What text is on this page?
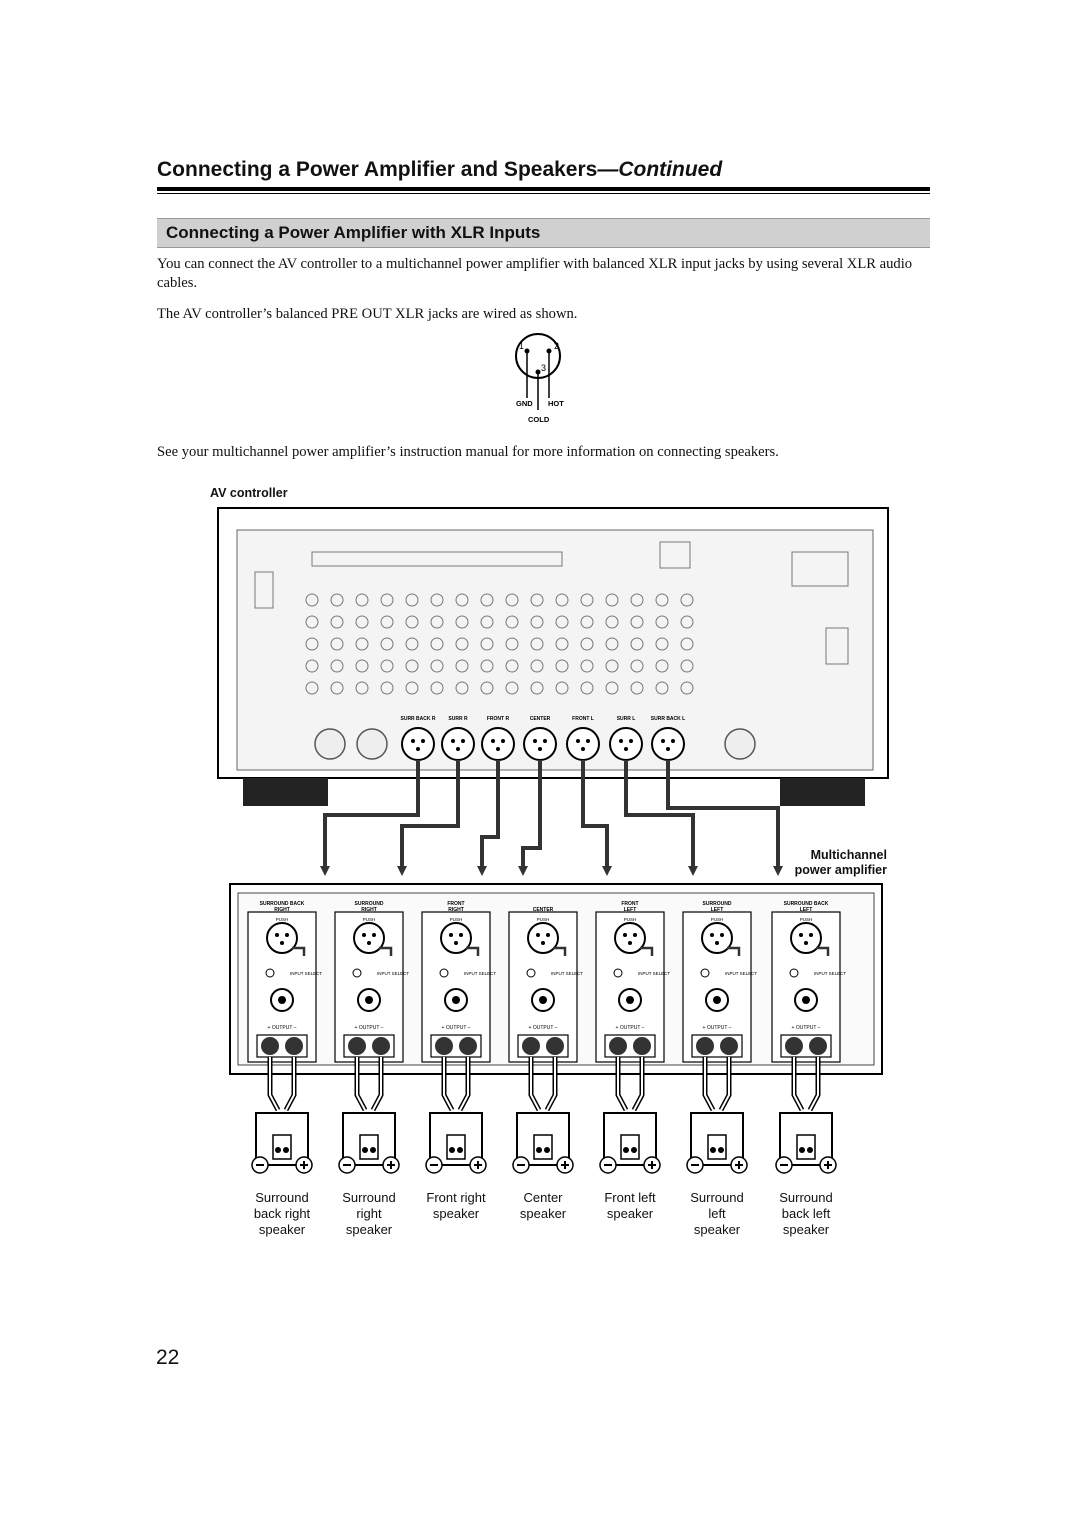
Connecting a Power Amplifier and Speakers—Continued
Connecting a Power Amplifier with XLR Inputs
You can connect the AV controller to a multichannel power amplifier with balanced XLR input jacks by using several XLR audio cables.
The AV controller’s balanced PRE OUT XLR jacks are wired as shown.
1	2
3
GND HOT
COLD
See your multichannel power amplifier’s instruction manual for more information on connecting speakers.
AV controller
Multichannel
power amplifier
SURR BACK R	SURR R	FRONT R	CENTER	FRONT L	SURR L	SURR BACK L
SURROUND BACK
RIGHT
PUSH
INPUT SELECT
+ OUTPUT –
SURROUND
RIGHT
PUSH
INPUT SELECT
+ OUTPUT –
FRONT
RIGHT
PUSH
INPUT SELECT
+ OUTPUT –
CENTER
PUSH
INPUT SELECT
+ OUTPUT –
FRONT
LEFT
PUSH
INPUT SELECT
+ OUTPUT –
SURROUND
LEFT
PUSH
INPUT SELECT
+ OUTPUT –
SURROUND BACK
LEFT
PUSH
INPUT SELECT
+ OUTPUT –
Surround
back right
speaker
Surround
right
speaker
Front right
speaker
Center
speaker
Front left
speaker
Surround
left
speaker
Surround
back left
speaker
22
